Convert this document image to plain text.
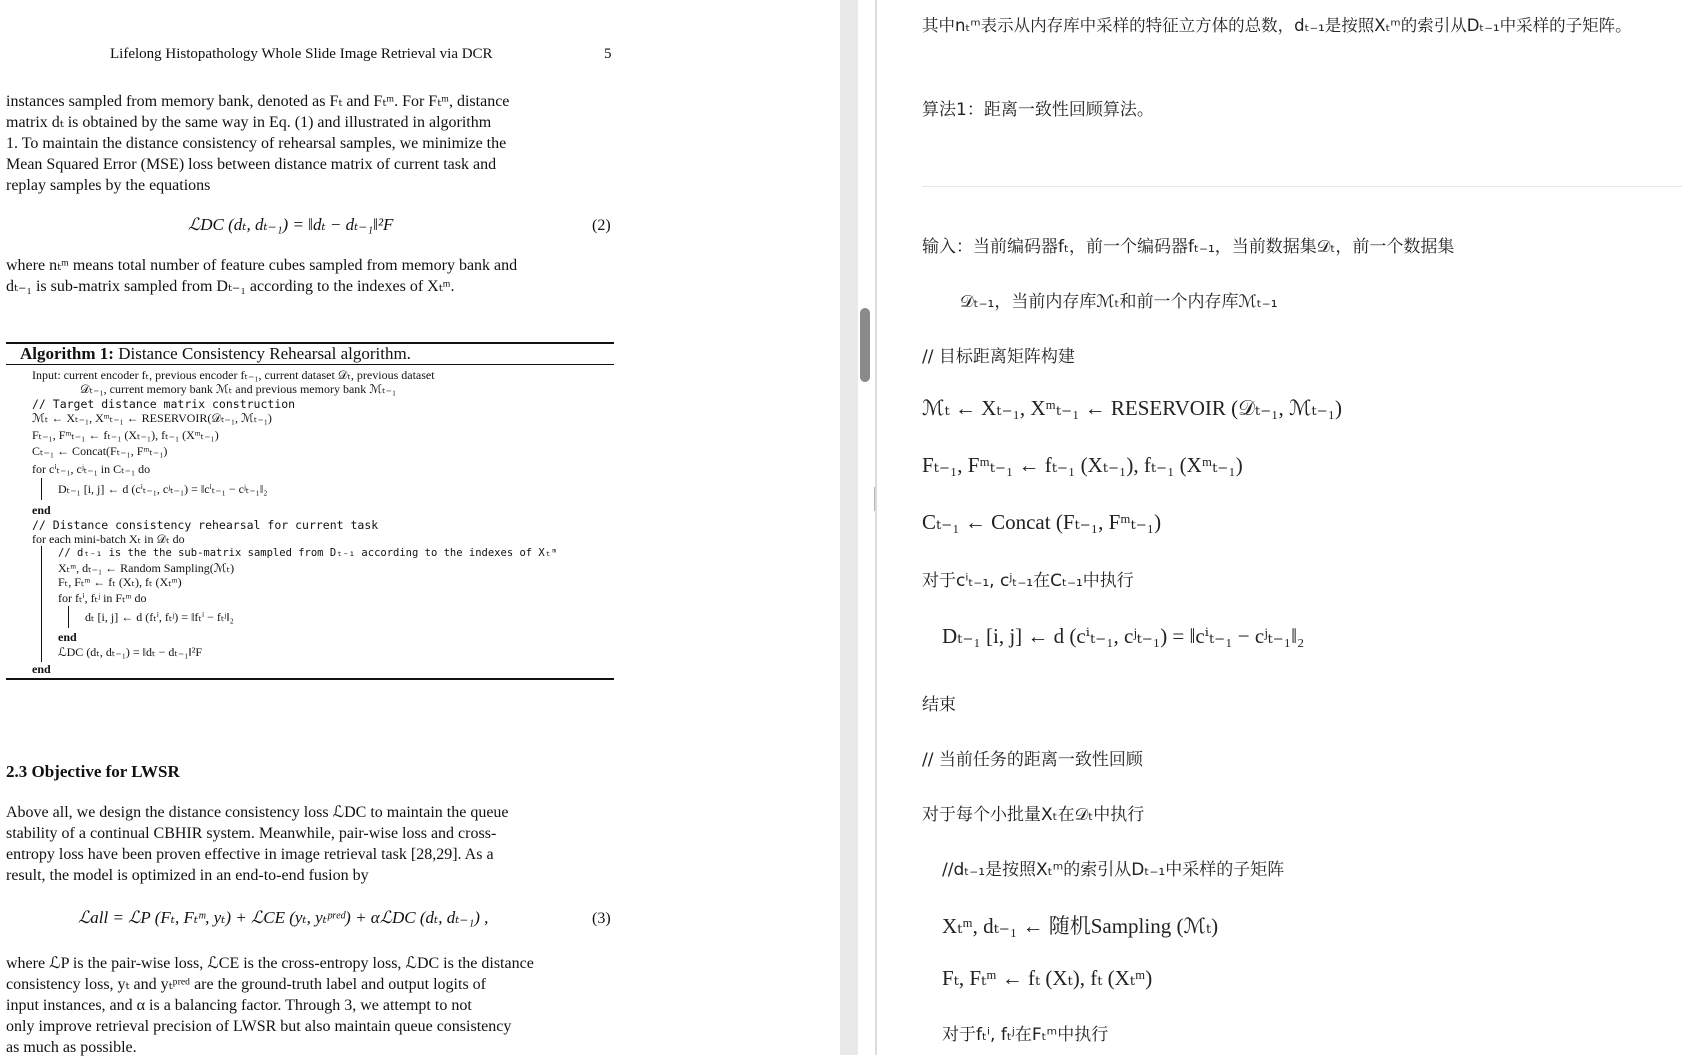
Lifelong Histopathology Whole Slide Image Retrieval via DCR	5
instances sampled from memory bank, denoted as Fₜ and Fₜᵐ. For Fₜᵐ, distance
matrix dₜ is obtained by the same way in Eq. (1) and illustrated in algorithm
1. To maintain the distance consistency of rehearsal samples, we minimize the
Mean Squared Error (MSE) loss between distance matrix of current task and
replay samples by the equations
ℒDC (dₜ, dₜ₋₁) = ‖dₜ − dₜ₋₁‖²F	(2)
where nₜᵐ means total number of feature cubes sampled from memory bank and
dₜ₋₁ is sub-matrix sampled from Dₜ₋₁ according to the indexes of Xₜᵐ.
Algorithm 1: Distance Consistency Rehearsal algorithm.
Input: current encoder fₜ, previous encoder fₜ₋₁, current dataset 𝒟ₜ, previous dataset
𝒟ₜ₋₁, current memory bank ℳₜ and previous memory bank ℳₜ₋₁
// Target distance matrix construction
ℳₜ ← Xₜ₋₁, Xᵐₜ₋₁ ← RESERVOIR(𝒟ₜ₋₁, ℳₜ₋₁)
Fₜ₋₁, Fᵐₜ₋₁ ← fₜ₋₁ (Xₜ₋₁), fₜ₋₁ (Xᵐₜ₋₁)
Cₜ₋₁ ← Concat(Fₜ₋₁, Fᵐₜ₋₁)
for cⁱₜ₋₁, cʲₜ₋₁ in Cₜ₋₁ do
Dₜ₋₁ [i, j] ← d (cⁱₜ₋₁, cʲₜ₋₁) = ‖cⁱₜ₋₁ − cʲₜ₋₁‖₂
end
// Distance consistency rehearsal for current task
for each mini-batch Xₜ in 𝒟ₜ do
// dₜ₋₁ is the the sub-matrix sampled from Dₜ₋₁ according to the indexes of Xₜᵐ
Xₜᵐ, dₜ₋₁ ← Random Sampling(ℳₜ)
Fₜ, Fₜᵐ ← fₜ (Xₜ), fₜ (Xₜᵐ)
for fₜⁱ, fₜʲ in Fₜᵐ do
dₜ [i, j] ← d (fₜⁱ, fₜʲ) = ‖fₜⁱ − fₜʲ‖₂
end
ℒDC (dₜ, dₜ₋₁) = ‖dₜ − dₜ₋₁‖²F
end
2.3 Objective for LWSR
Above all, we design the distance consistency loss ℒDC to maintain the queue
stability of a continual CBHIR system. Meanwhile, pair-wise loss and cross-
entropy loss have been proven effective in image retrieval task [28,29]. As a
result, the model is optimized in an end-to-end fusion by
ℒall = ℒP (Fₜ, Fₜᵐ, yₜ) + ℒCE (yₜ, yₜᵖʳᵉᵈ) + αℒDC (dₜ, dₜ₋₁) ,	(3)
where ℒP is the pair-wise loss, ℒCE is the cross-entropy loss, ℒDC is the distance
consistency loss, yₜ and yₜᵖʳᵉᵈ are the ground-truth label and output logits of
input instances, and α is a balancing factor. Through 3, we attempt to not
only improve retrieval precision of LWSR but also maintain queue consistency
as much as possible.
其中nₜᵐ表示从内存库中采样的特征立方体的总数，dₜ₋₁是按照Xₜᵐ的索引从Dₜ₋₁中采样的子矩阵。
算法1：距离一致性回顾算法。
输入：当前编码器fₜ，前一个编码器fₜ₋₁，当前数据集𝒟ₜ，前一个数据集
𝒟ₜ₋₁，当前内存库ℳₜ和前一个内存库ℳₜ₋₁
// 目标距离矩阵构建
ℳₜ ← Xₜ₋₁, Xᵐₜ₋₁ ← RESERVOIR (𝒟ₜ₋₁, ℳₜ₋₁)
Fₜ₋₁, Fᵐₜ₋₁ ← fₜ₋₁ (Xₜ₋₁), fₜ₋₁ (Xᵐₜ₋₁)
Cₜ₋₁ ← Concat (Fₜ₋₁, Fᵐₜ₋₁)
对于cⁱₜ₋₁, cʲₜ₋₁在Cₜ₋₁中执行
Dₜ₋₁ [i, j] ← d (cⁱₜ₋₁, cʲₜ₋₁) = ‖cⁱₜ₋₁ − cʲₜ₋₁‖₂
结束
// 当前任务的距离一致性回顾
对于每个小批量Xₜ在𝒟ₜ中执行
//dₜ₋₁是按照Xₜᵐ的索引从Dₜ₋₁中采样的子矩阵
Xₜᵐ, dₜ₋₁ ← 随机Sampling (ℳₜ)
Fₜ, Fₜᵐ ← fₜ (Xₜ), fₜ (Xₜᵐ)
对于fₜⁱ, fₜʲ在Fₜᵐ中执行
